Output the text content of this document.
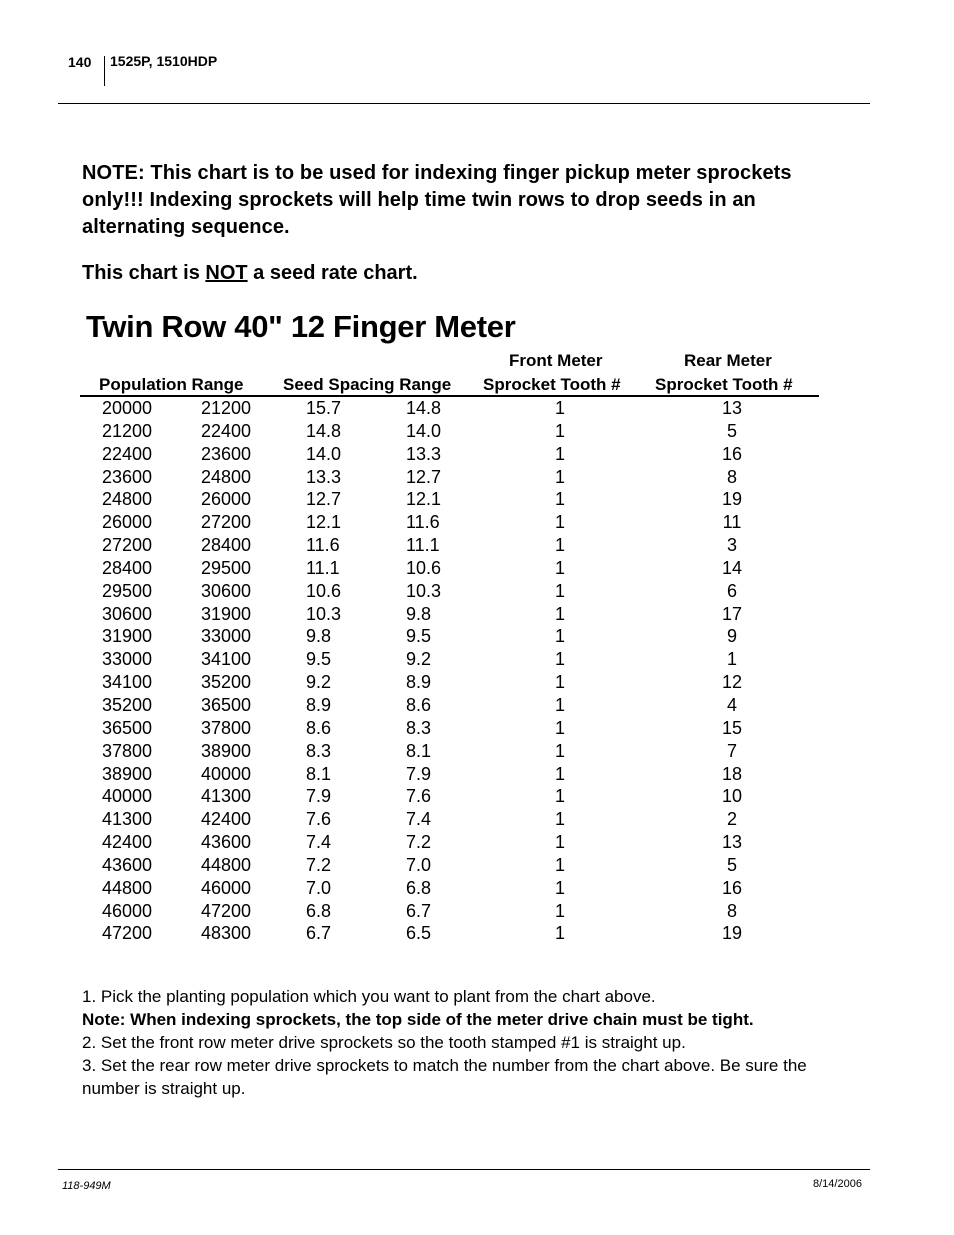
140 1525P, 1510HDP
NOTE: This chart is to be used for indexing finger pickup meter sprockets only!!! Indexing sprockets will help time twin rows to drop seeds in an alternating sequence.
This chart is NOT a seed rate chart.
Twin Row 40" 12 Finger Meter
Population Range Seed Spacing Range
Front Meter
Sprocket Tooth #
Rear Meter
Sprocket Tooth #
20000	21200	15.7	14.8	1	13
21200	22400	14.8	14.0	1	5
22400	23600	14.0	13.3	1	16
23600	24800	13.3	12.7	1	8
24800	26000	12.7	12.1	1	19
26000	27200	12.1	11.6	1	11
27200	28400	11.6	11.1	1	3
28400	29500	11.1	10.6	1	14
29500	30600	10.6	10.3	1	6
30600	31900	10.3	9.8	1	17
31900	33000	9.8	9.5	1	9
33000	34100	9.5	9.2	1	1
34100	35200	9.2	8.9	1	12
35200	36500	8.9	8.6	1	4
36500	37800	8.6	8.3	1	15
37800	38900	8.3	8.1	1	7
38900	40000	8.1	7.9	1	18
40000	41300	7.9	7.6	1	10
41300	42400	7.6	7.4	1	2
42400	43600	7.4	7.2	1	13
43600	44800	7.2	7.0	1	5
44800	46000	7.0	6.8	1	16
46000	47200	6.8	6.7	1	8
47200	48300	6.7	6.5	1	19
1. Pick the planting population which you want to plant from the chart above.
Note: When indexing sprockets, the top side of the meter drive chain must be tight.
2. Set the front row meter drive sprockets so the tooth stamped #1 is straight up.
3. Set the rear row meter drive sprockets to match the number from the chart above. Be sure the number is straight up.
118-949M	8/14/2006
